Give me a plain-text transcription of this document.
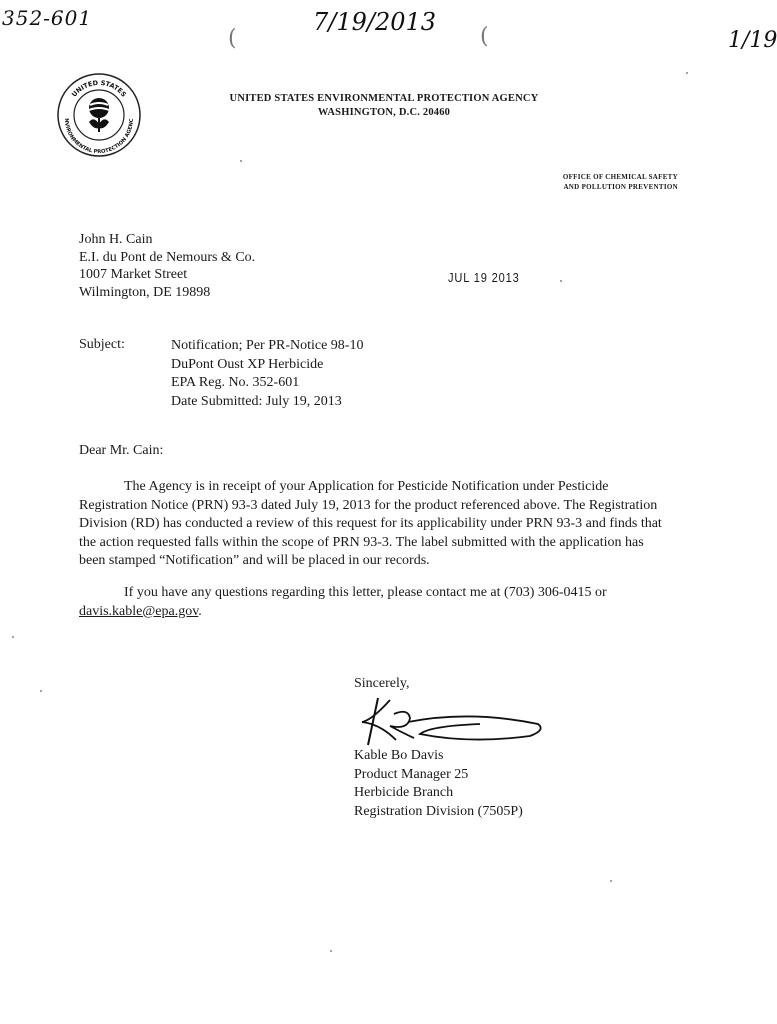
352-601	7/19/2013
1/19
(	(
UNITED STATES
NVIRONMENTAL PROTECTION AGENC
UNITED STATES ENVIRONMENTAL PROTECTION AGENCY
WASHINGTON, D.C. 20460
OFFICE OF CHEMICAL SAFETY
AND POLLUTION PREVENTION
John H. Cain
E.I. du Pont de Nemours & Co.
1007 Market Street
Wilmington, DE 19898
JUL 19 2013
Subject:	Notification; Per PR-Notice 98-10
DuPont Oust XP Herbicide
EPA Reg. No. 352-601
Date Submitted: July 19, 2013
Dear Mr. Cain:
The Agency is in receipt of your Application for Pesticide Notification under Pesticide Registration Notice (PRN) 93-3 dated July 19, 2013 for the product referenced above. The Registration Division (RD) has conducted a review of this request for its applicability under PRN 93-3 and finds that the action requested falls within the scope of PRN 93-3. The label submitted with the application has been stamped “Notification” and will be placed in our records.
If you have any questions regarding this letter, please contact me at (703) 306-0415 or davis.kable@epa.gov.
Sincerely,
Kable Bo Davis
Product Manager 25
Herbicide Branch
Registration Division (7505P)
